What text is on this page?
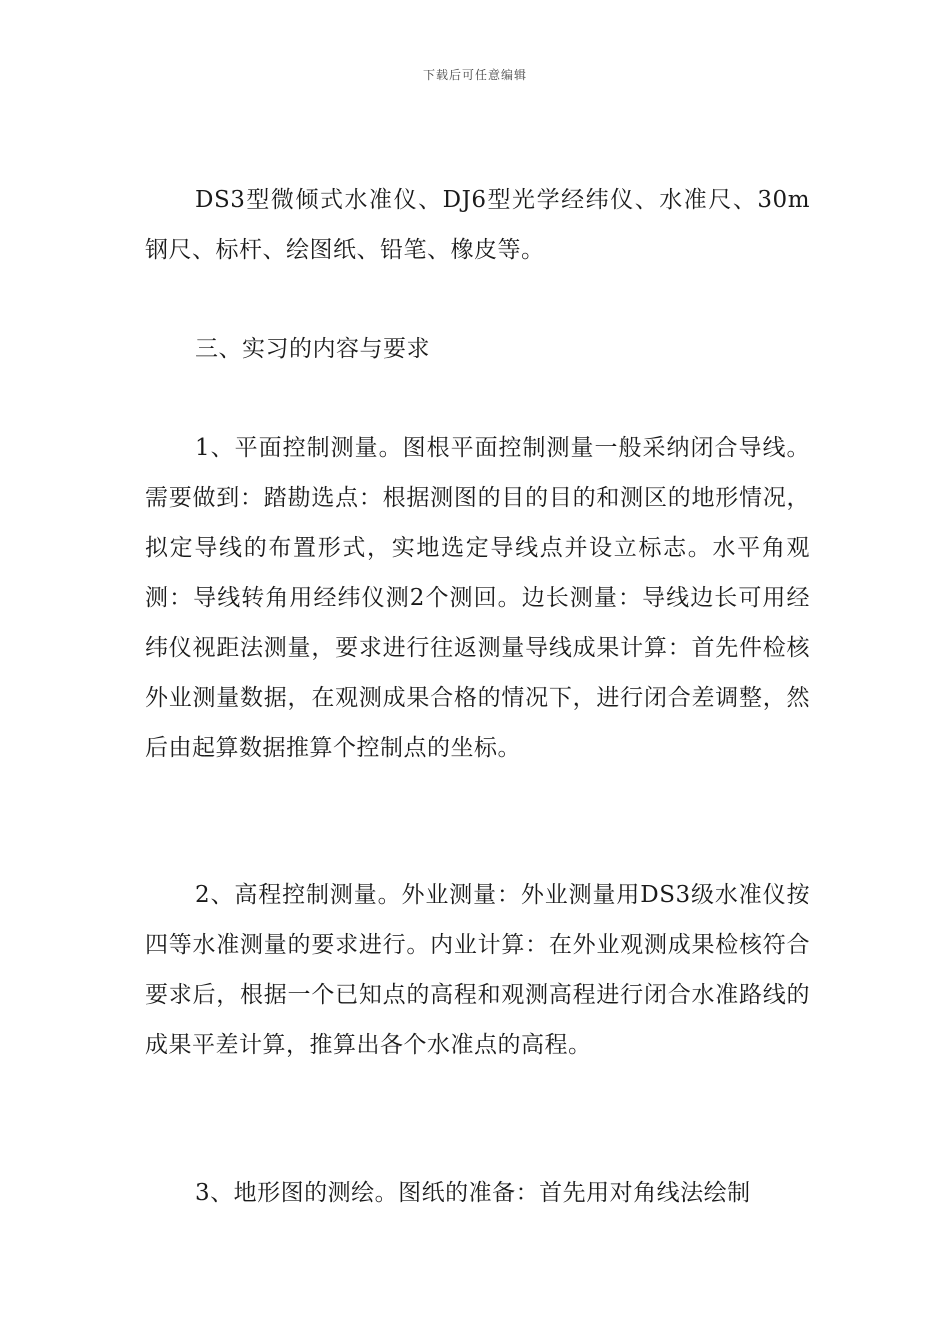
下载后可任意编辑

DS3型微倾式水准仪、DJ6型光学经纬仪、水准尺、30m钢尺、标杆、绘图纸、铅笔、橡皮等。

三、实习的内容与要求

1、平面控制测量。图根平面控制测量一般采纳闭合导线。需要做到：踏勘选点：根据测图的目的目的和测区的地形情况，拟定导线的布置形式，实地选定导线点并设立标志。水平角观测：导线转角用经纬仪测2个测回。边长测量：导线边长可用经纬仪视距法测量，要求进行往返测量导线成果计算：首先件检核外业测量数据，在观测成果合格的情况下，进行闭合差调整，然后由起算数据推算个控制点的坐标。

2、高程控制测量。外业测量：外业测量用DS3级水准仪按四等水准测量的要求进行。内业计算：在外业观测成果检核符合要求后，根据一个已知点的高程和观测高程进行闭合水准路线的成果平差计算，推算出各个水准点的高程。

3、地形图的测绘。图纸的准备：首先用对角线法绘制
